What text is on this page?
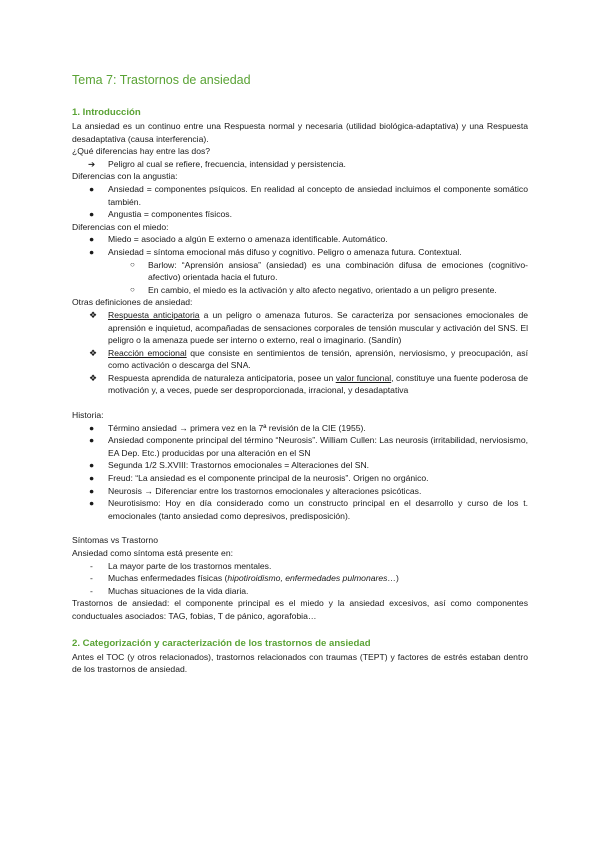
Tema 7: Trastornos de ansiedad
1. Introducción

La ansiedad es un continuo entre una Respuesta normal y necesaria (utilidad biológica-adaptativa) y una Respuesta desadaptativa (causa interferencia).

¿Qué diferencias hay entre las dos?

➔ Peligro al cual se refiere, frecuencia, intensidad y persistencia.

Diferencias con la angustia:

● Ansiedad = componentes psíquicos. En realidad al concepto de ansiedad incluimos el componente somático también.
● Angustia = componentes físicos.

Diferencias con el miedo:

● Miedo = asociado a algún E externo o amenaza identificable. Automático.
● Ansiedad = síntoma emocional más difuso y cognitivo. Peligro o amenaza futura. Contextual.
○ Barlow: “Aprensión ansiosa” (ansiedad) es una combinación difusa de emociones (cognitivo-afectivo) orientada hacia el futuro.
○ En cambio, el miedo es la activación y alto afecto negativo, orientado a un peligro presente.

Otras definiciones de ansiedad:

❖ Respuesta anticipatoria a un peligro o amenaza futuros. Se caracteriza por sensaciones emocionales de aprensión e inquietud, acompañadas de sensaciones corporales de tensión muscular y activación del SNS. El peligro o la amenaza puede ser interno o externo, real o imaginario. (Sandín)
❖ Reacción emocional que consiste en sentimientos de tensión, aprensión, nerviosismo, y preocupación, así como activación o descarga del SNA.
❖ Respuesta aprendida de naturaleza anticipatoria, posee un valor funcional, constituye una fuente poderosa de motivación y, a veces, puede ser desproporcionada, irracional, y desadaptativa

Historia:

● Término ansiedad → primera vez en la 7ª revisión de la CIE (1955).
● Ansiedad componente principal del término “Neurosis”. William Cullen: Las neurosis (irritabilidad, nerviosismo, EA Dep. Etc.) producidas por una alteración en el SN
● Segunda 1/2 S.XVIII: Trastornos emocionales = Alteraciones del SN.
● Freud: “La ansiedad es el componente principal de la neurosis”. Origen no orgánico.
● Neurosis → Diferenciar entre los trastornos emocionales y alteraciones psicóticas.
● Neurotisismo: Hoy en día considerado como un constructo principal en el desarrollo y curso de los t. emocionales (tanto ansiedad como depresivos, predisposición).

Síntomas vs Trastorno

Ansiedad como síntoma está presente en:

- La mayor parte de los trastornos mentales.
- Muchas enfermedades físicas (hipotiroidismo, enfermedades pulmonares…)
- Muchas situaciones de la vida diaria.

Trastornos de ansiedad: el componente principal es el miedo y la ansiedad excesivos, así como componentes conductuales asociados: TAG, fobias, T de pánico, agorafobia…

2. Categorización y caracterización de los trastornos de ansiedad

Antes el TOC (y otros relacionados), trastornos relacionados con traumas (TEPT) y factores de estrés estaban dentro de los trastornos de ansiedad.
